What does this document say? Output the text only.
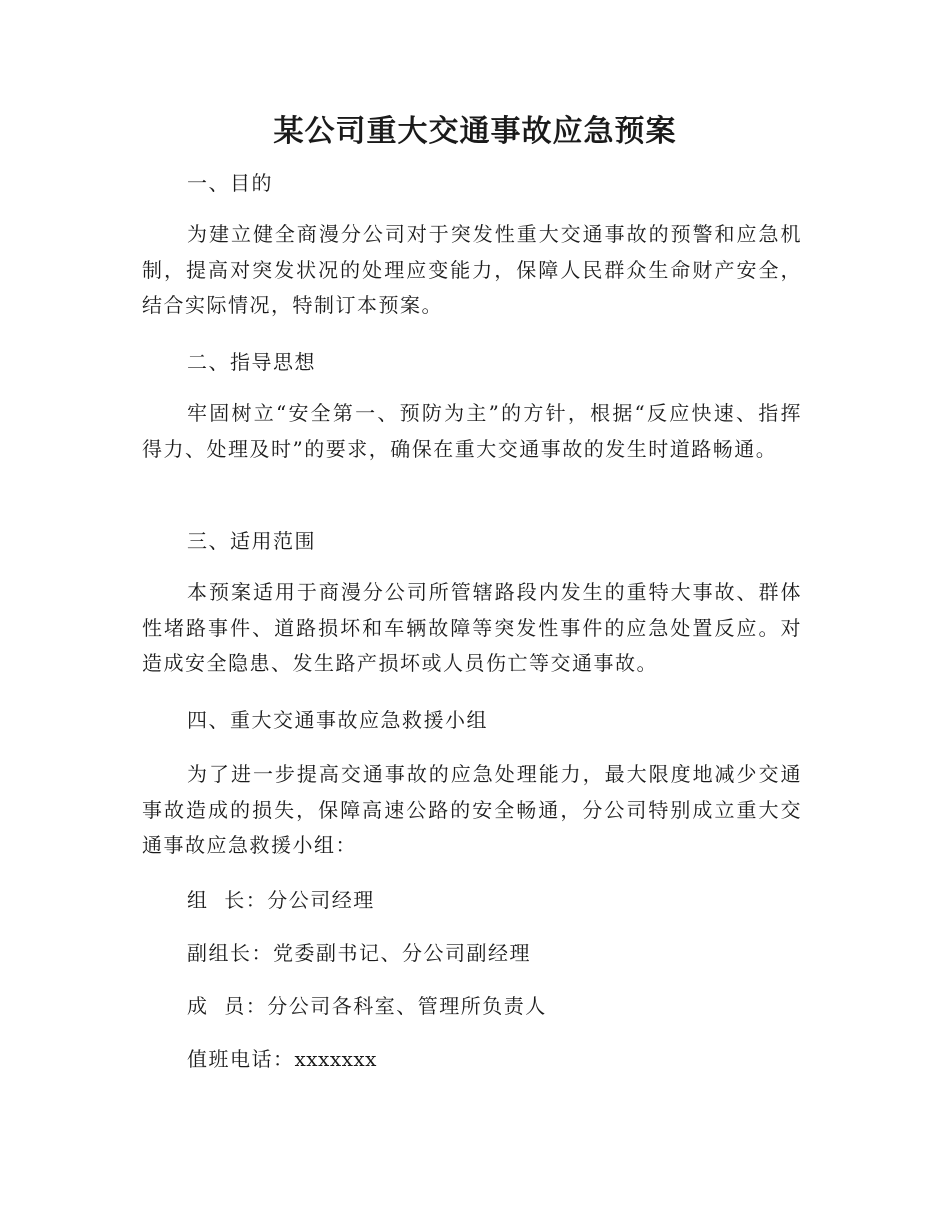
某公司重大交通事故应急预案
一、目的

为建立健全商漫分公司对于突发性重大交通事故的预警和应急机制，提高对突发状况的处理应变能力，保障人民群众生命财产安全，结合实际情况，特制订本预案。

二、指导思想

牢固树立“安全第一、预防为主”的方针，根据“反应快速、指挥得力、处理及时”的要求，确保在重大交通事故的发生时道路畅通。

三、适用范围

本预案适用于商漫分公司所管辖路段内发生的重特大事故、群体性堵路事件、道路损坏和车辆故障等突发性事件的应急处置反应。对造成安全隐患、发生路产损坏或人员伤亡等交通事故。

四、重大交通事故应急救援小组

为了进一步提高交通事故的应急处理能力，最大限度地减少交通事故造成的损失，保障高速公路的安全畅通，分公司特别成立重大交通事故应急救援小组：

组  长：分公司经理
副组长：党委副书记、分公司副经理
成  员：分公司各科室、管理所负责人
值班电话：xxxxxxx
